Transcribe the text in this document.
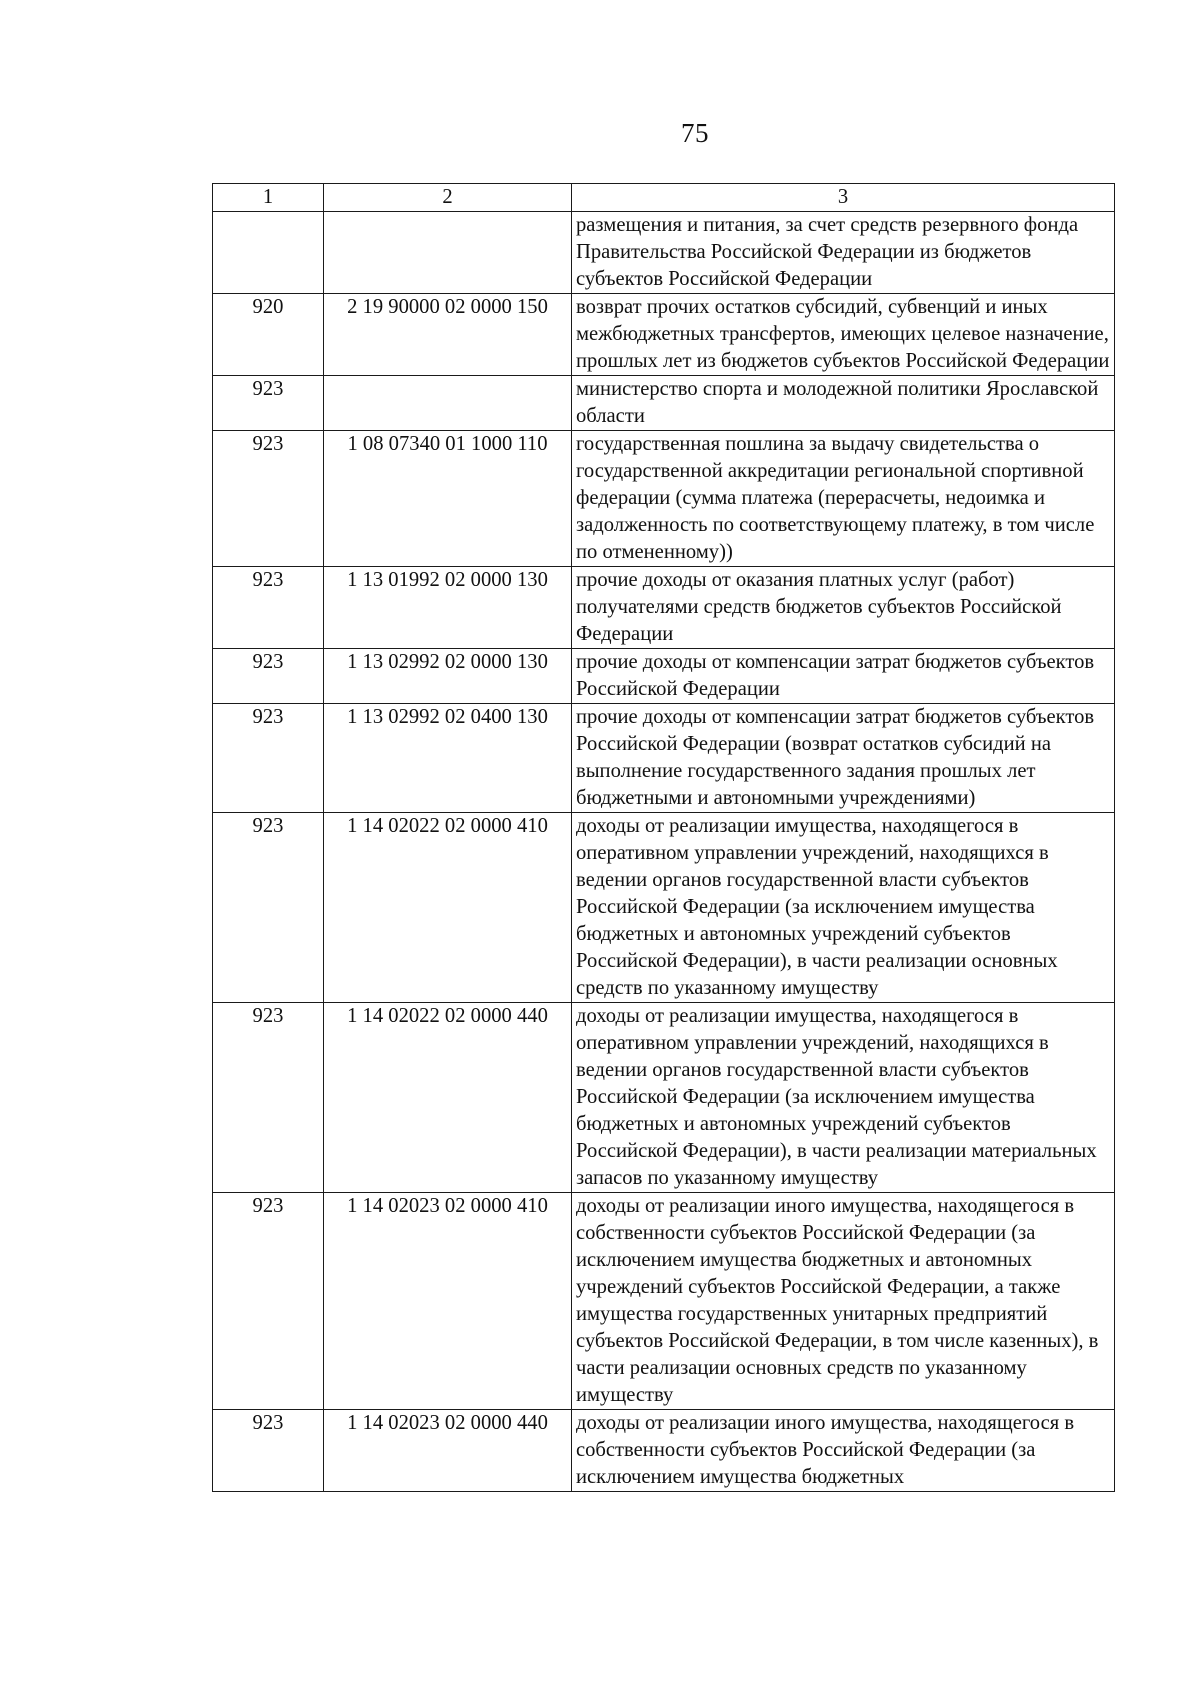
75
1	2	3
		размещения и питания, за счет средств резервного фонда Правительства Российской Федерации из бюджетов субъектов Российской Федерации
920	2 19 90000 02 0000 150	возврат прочих остатков субсидий, субвенций и иных межбюджетных трансфертов, имеющих целевое назначение, прошлых лет из бюджетов субъектов Российской Федерации
923		министерство спорта и молодежной политики Ярославской области
923	1 08 07340 01 1000 110	государственная пошлина за выдачу свидетельства о государственной аккредитации региональной спортивной федерации (сумма платежа (перерасчеты, недоимка и задолженность по соответствующему платежу, в том числе по отмененному))
923	1 13 01992 02 0000 130	прочие доходы от оказания платных услуг (работ) получателями средств бюджетов субъектов Российской Федерации
923	1 13 02992 02 0000 130	прочие доходы от компенсации затрат бюджетов субъектов Российской Федерации
923	1 13 02992 02 0400 130	прочие доходы от компенсации затрат бюджетов субъектов Российской Федерации (возврат остатков субсидий на выполнение государственного задания прошлых лет бюджетными и автономными учреждениями)
923	1 14 02022 02 0000 410	доходы от реализации имущества, находящегося в оперативном управлении учреждений, находящихся в ведении органов государственной власти субъектов Российской Федерации (за исключением имущества бюджетных и автономных учреждений субъектов Российской Федерации), в части реализации основных средств по указанному имуществу
923	1 14 02022 02 0000 440	доходы от реализации имущества, находящегося в оперативном управлении учреждений, находящихся в ведении органов государственной власти субъектов Российской Федерации (за исключением имущества бюджетных и автономных учреждений субъектов Российской Федерации), в части реализации материальных запасов по указанному имуществу
923	1 14 02023 02 0000 410	доходы от реализации иного имущества, находящегося в собственности субъектов Российской Федерации (за исключением имущества бюджетных и автономных учреждений субъектов Российской Федерации, а также имущества государственных унитарных предприятий субъектов Российской Федерации, в том числе казенных), в части реализации основных средств по указанному имуществу
923	1 14 02023 02 0000 440	доходы от реализации иного имущества, находящегося в собственности субъектов Российской Федерации (за исключением имущества бюджетных
